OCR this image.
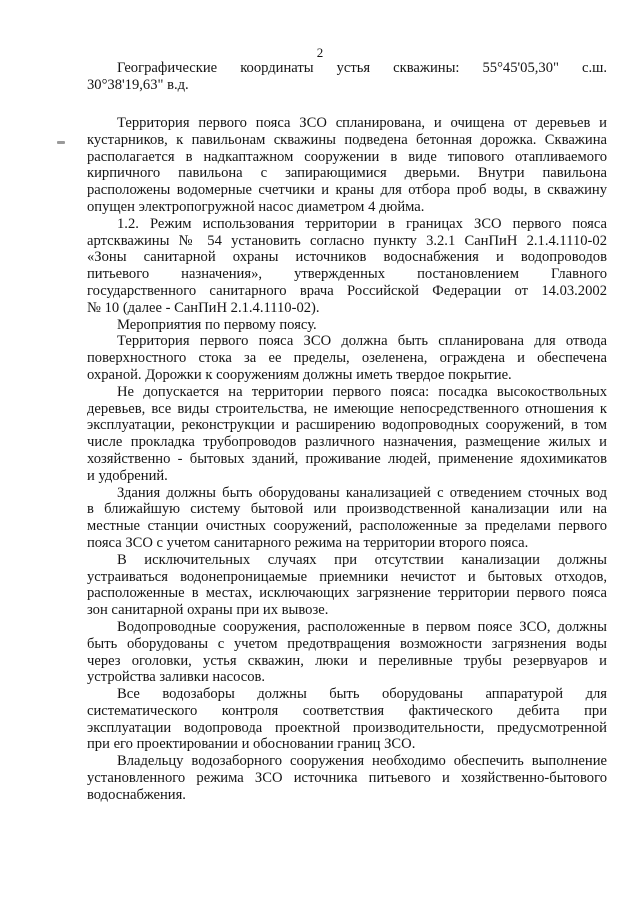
2
Географические координаты устья скважины: 55°45'05,30" с.ш.
30°38'19,63" в.д.
Территория первого пояса ЗСО спланирована, и очищена от деревьев и
кустарников, к павильонам скважины подведена бетонная дорожка. Скважина
располагается в надкаптажном сооружении в виде типового отапливаемого
кирпичного павильона с запирающимися дверьми. Внутри павильона
расположены водомерные счетчики и краны для отбора проб воды, в скважину
опущен электропогружной насос диаметром 4 дюйма.
1.2. Режим использования территории в границах ЗСО первого пояса
артскважины № 54 установить согласно пункту 3.2.1 СанПиН 2.1.4.1110-02
«Зоны санитарной охраны источников водоснабжения и водопроводов
питьевого назначения», утвержденных постановлением Главного
государственного санитарного врача Российской Федерации от 14.03.2002
№ 10 (далее - СанПиН 2.1.4.1110-02).
Мероприятия по первому поясу.
Территория первого пояса ЗСО должна быть спланирована для отвода
поверхностного стока за ее пределы, озеленена, ограждена и обеспечена
охраной. Дорожки к сооружениям должны иметь твердое покрытие.
Не допускается на территории первого пояса: посадка высокоствольных
деревьев, все виды строительства, не имеющие непосредственного отношения к
эксплуатации, реконструкции и расширению водопроводных сооружений, в том
числе прокладка трубопроводов различного назначения, размещение жилых и
хозяйственно - бытовых зданий, проживание людей, применение ядохимикатов
и удобрений.
Здания должны быть оборудованы канализацией с отведением сточных вод
в ближайшую систему бытовой или производственной канализации или на
местные станции очистных сооружений, расположенные за пределами первого
пояса ЗСО с учетом санитарного режима на территории второго пояса.
В исключительных случаях при отсутствии канализации должны
устраиваться водонепроницаемые приемники нечистот и бытовых отходов,
расположенные в местах, исключающих загрязнение территории первого пояса
зон санитарной охраны при их вывозе.
Водопроводные сооружения, расположенные в первом поясе ЗСО, должны
быть оборудованы с учетом предотвращения возможности загрязнения воды
через оголовки, устья скважин, люки и переливные трубы резервуаров и
устройства заливки насосов.
Все водозаборы должны быть оборудованы аппаратурой для
систематического контроля соответствия фактического дебита при
эксплуатации водопровода проектной производительности, предусмотренной
при его проектировании и обосновании границ ЗСО.
Владельцу водозаборного сооружения необходимо обеспечить выполнение
установленного режима ЗСО источника питьевого и хозяйственно-бытового
водоснабжения.
